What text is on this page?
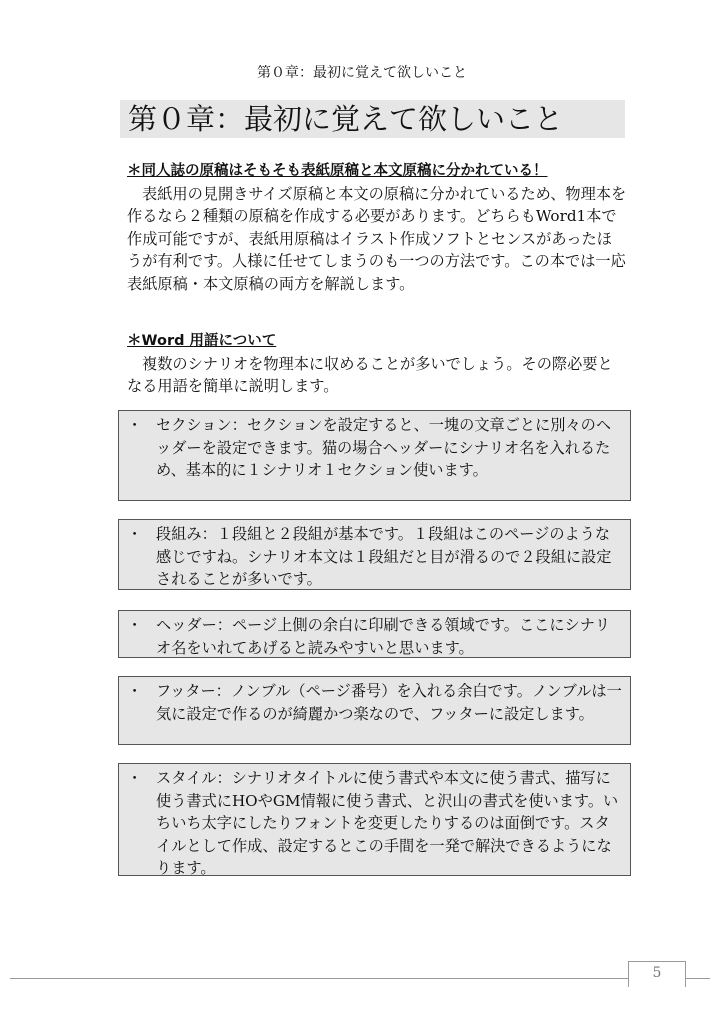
第０章：最初に覚えて欲しいこと
第０章：最初に覚えて欲しいこと
＊同人誌の原稿はそもそも表紙原稿と本文原稿に分かれている！

表紙用の見開きサイズ原稿と本文の原稿に分かれているため、物理本を作るなら２種類の原稿を作成する必要があります。どちらもWord1本で作成可能ですが、表紙用原稿はイラスト作成ソフトとセンスがあったほうが有利です。人様に任せてしまうのも一つの方法です。この本では一応表紙原稿・本文原稿の両方を解説します。

＊Word 用語について

複数のシナリオを物理本に収めることが多いでしょう。その際必要となる用語を簡単に説明します。

・ セクション：セクションを設定すると、一塊の文章ごとに別々のヘッダーを設定できます。猫の場合ヘッダーにシナリオ名を入れるため、基本的に１シナリオ１セクション使います。
・ 段組み：１段組と２段組が基本です。１段組はこのページのような感じですね。シナリオ本文は１段組だと目が滑るので２段組に設定されることが多いです。
・ ヘッダー：ページ上側の余白に印刷できる領域です。ここにシナリオ名をいれてあげると読みやすいと思います。
・ フッター：ノンブル（ページ番号）を入れる余白です。ノンブルは一気に設定で作るのが綺麗かつ楽なので、フッターに設定します。
・ スタイル：シナリオタイトルに使う書式や本文に使う書式、描写に使う書式にHOやGM情報に使う書式、と沢山の書式を使います。いちいち太字にしたりフォントを変更したりするのは面倒です。スタイルとして作成、設定するとこの手間を一発で解決できるようになります。
5
